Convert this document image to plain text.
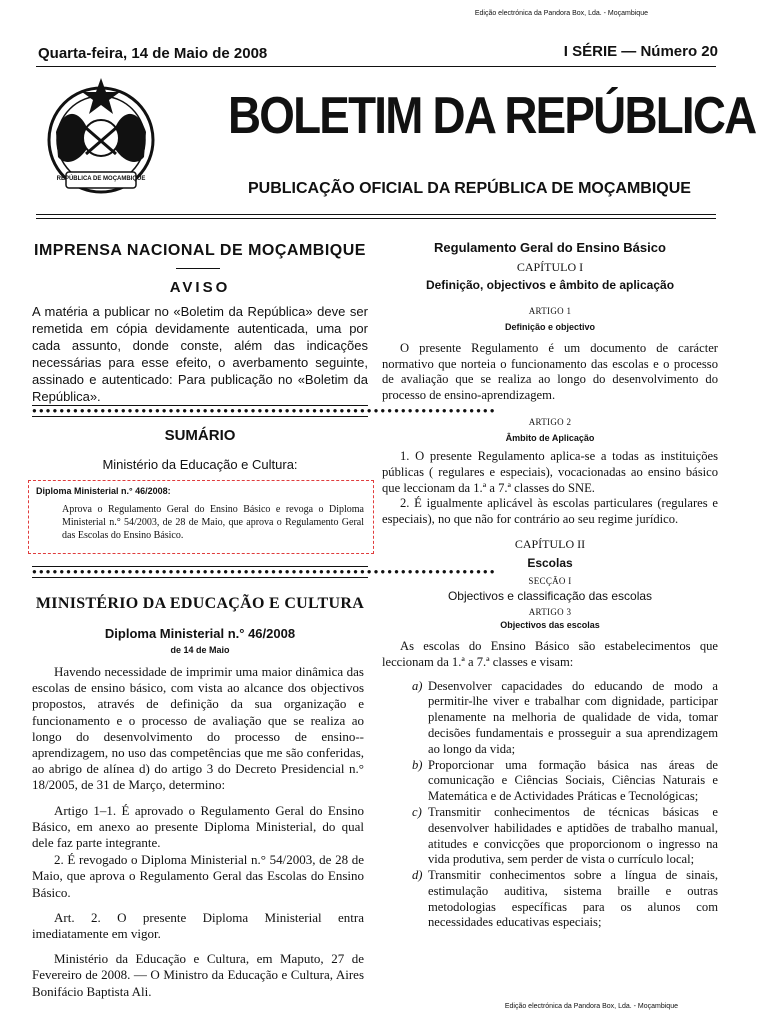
Edição electrónica da Pandora Box, Lda. - Moçambique
Quarta-feira, 14 de Maio de 2008	I SÉRIE — Número 20
REPÚBLICA DE MOÇAMBIQUE
BOLETIM DA REPÚBLICA
PUBLICAÇÃO OFICIAL DA REPÚBLICA DE MOÇAMBIQUE
IMPRENSA NACIONAL DE MOÇAMBIQUE
AVISO
A matéria a publicar no «Boletim da República» deve ser remetida em cópia devidamente autenticada, uma por cada assunto, donde conste, além das indicações necessárias para esse efeito, o averbamento seguinte, assinado e autenticado: Para publicação no «Boletim da República».
●●●●●●●●●●●●●●●●●●●●●●●●●●●●●●●●●●●●●●●●●●●●●●●●●●●●●●●●●●●●●●●●●●●●
SUMÁRIO
Ministério da Educação e Cultura:
Diploma Ministerial n.° 46/2008:
Aprova o Regulamento Geral do Ensino Básico e revoga o Diploma Ministerial n.° 54/2003, de 28 de Maio, que aprova o Regulamento Geral das Escolas do Ensino Básico.
●●●●●●●●●●●●●●●●●●●●●●●●●●●●●●●●●●●●●●●●●●●●●●●●●●●●●●●●●●●●●●●●●●●●
MINISTÉRIO DA EDUCAÇÃO E CULTURA
Diploma Ministerial n.° 46/2008
de 14 de Maio

Havendo necessidade de imprimir uma maior dinâmica das escolas de ensino básico, com vista ao alcance dos objectivos propostos, através de definição da sua organização e funcionamento e o processo de avaliação que se realiza ao longo do desenvolvimento do processo de ensino--aprendizagem, no uso das competências que me são conferidas, ao abrigo de alínea d) do artigo 3 do Decreto Presidencial n.° 18/2005, de 31 de Março, determino:

Artigo 1–1. É aprovado o Regulamento Geral do Ensino Básico, em anexo ao presente Diploma Ministerial, do qual dele faz parte integrante.

2. É revogado o Diploma Ministerial n.° 54/2003, de 28 de Maio, que aprova o Regulamento Geral das Escolas do Ensino Básico.

Art. 2. O presente Diploma Ministerial entra imediatamente em vigor.

Ministério da Educação e Cultura, em Maputo, 27 de Fevereiro de 2008. — O Ministro da Educação e Cultura, Aires Bonifácio Baptista Ali.

Regulamento Geral do Ensino Básico
CAPÍTULO I
Definição, objectivos e âmbito de aplicação
ARTIGO 1
Definição e objectivo

O presente Regulamento é um documento de carácter normativo que norteia o funcionamento das escolas e o processo de avaliação que se realiza ao longo do desenvolvimento do processo de ensino-aprendizagem.

ARTIGO 2
Âmbito de Aplicação

1. O presente Regulamento aplica-se a todas as instituições públicas ( regulares e especiais), vocacionadas ao ensino básico que leccionam da 1.ª a 7.ª classes do SNE.

2. É igualmente aplicável às escolas particulares (regulares e especiais), no que não for contrário ao seu regime jurídico.

CAPÍTULO II
Escolas
SECÇÃO I
Objectivos e classificação das escolas
ARTIGO 3
Objectivos das escolas

As escolas do Ensino Básico são estabelecimentos que leccionam da 1.ª a 7.ª classes e visam:

a) Desenvolver capacidades do educando de modo a permitir-lhe viver e trabalhar com dignidade, participar plenamente na melhoria de qualidade de vida, tomar decisões fundamentais e prosseguir a sua aprendizagem ao longo da vida;
b) Proporcionar uma formação básica nas áreas de comunicação e Ciências Sociais, Ciências Naturais e Matemática e de Actividades Práticas e Tecnológicas;
c) Transmitir conhecimentos de técnicas básicas e desenvolver habilidades e aptidões de trabalho manual, atitudes e convicções que proporcionom o ingresso na vida produtiva, sem perder de vista o currículo local;
d) Transmitir conhecimentos sobre a língua de sinais, estimulação auditiva, sistema braille e outras metodologias específicas para os alunos com necessidades educativas especiais;
Edição electrónica da Pandora Box, Lda. - Moçambique
